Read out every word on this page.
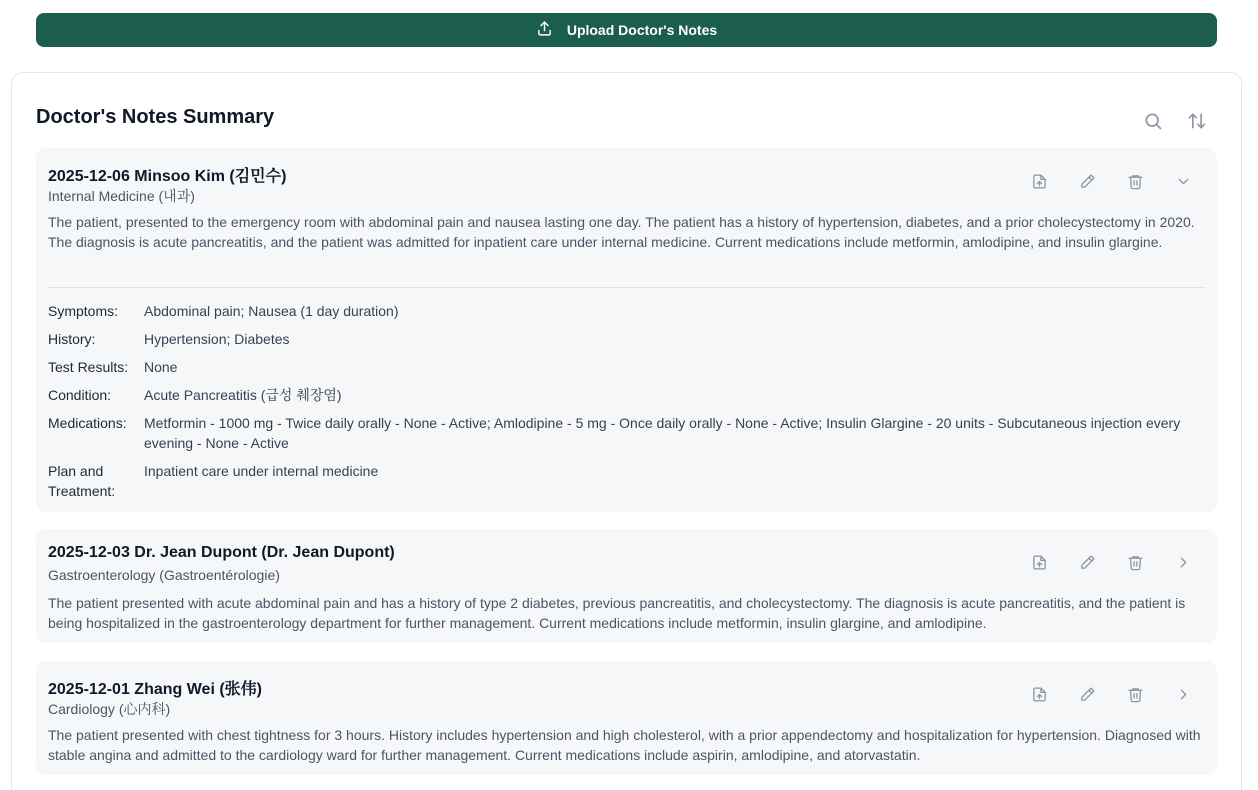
Upload Doctor's Notes
Doctor's Notes Summary
2025-12-06 Minsoo Kim (김민수)
Internal Medicine (내과)
The patient, presented to the emergency room with abdominal pain and nausea lasting one day. The patient has a history of hypertension, diabetes, and a prior cholecystectomy in 2020. The diagnosis is acute pancreatitis, and the patient was admitted for inpatient care under internal medicine. Current medications include metformin, amlodipine, and insulin glargine.
Symptoms:	Abdominal pain; Nausea (1 day duration)
History:	Hypertension; Diabetes
Test Results:	None
Condition:	Acute Pancreatitis (급성 췌장염)
Medications:	Metformin - 1000 mg - Twice daily orally - None - Active; Amlodipine - 5 mg - Once daily orally - None - Active; Insulin Glargine - 20 units - Subcutaneous injection every evening - None - Active
Plan and Treatment:
Inpatient care under internal medicine
2025-12-03 Dr. Jean Dupont (Dr. Jean Dupont)
Gastroenterology (Gastroentérologie)
The patient presented with acute abdominal pain and has a history of type 2 diabetes, previous pancreatitis, and cholecystectomy. The diagnosis is acute pancreatitis, and the patient is being hospitalized in the gastroenterology department for further management. Current medications include metformin, insulin glargine, and amlodipine.
2025-12-01 Zhang Wei (张伟)
Cardiology (心内科)
The patient presented with chest tightness for 3 hours. History includes hypertension and high cholesterol, with a prior appendectomy and hospitalization for hypertension. Diagnosed with stable angina and admitted to the cardiology ward for further management. Current medications include aspirin, amlodipine, and atorvastatin.
